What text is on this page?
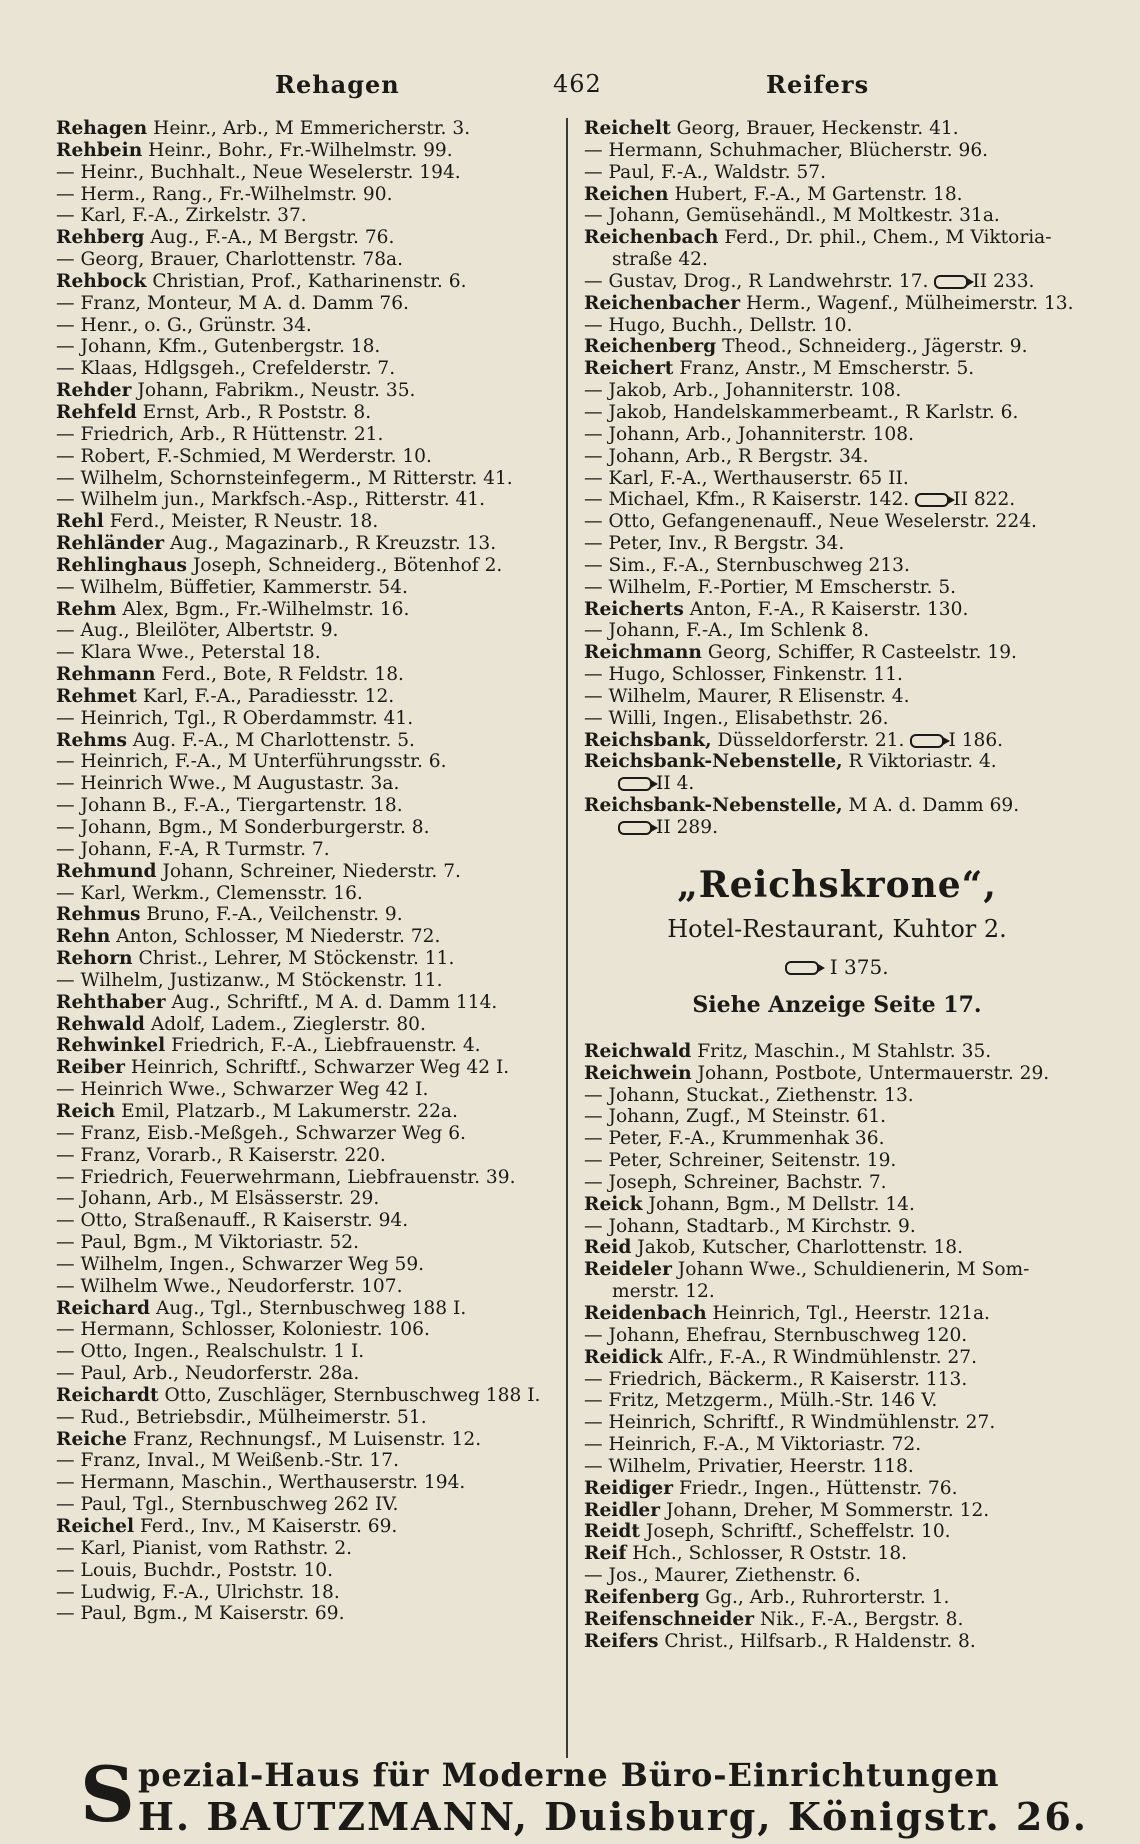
Rehagen	462	Reifers
Rehagen Heinr., Arb., M Emmericherstr. 3.
Rehbein Heinr., Bohr., Fr.-Wilhelmstr. 99.
— Heinr., Buchhalt., Neue Weselerstr. 194.
— Herm., Rang., Fr.-Wilhelmstr. 90.
— Karl, F.-A., Zirkelstr. 37.
Rehberg Aug., F.-A., M Bergstr. 76.
— Georg, Brauer, Charlottenstr. 78a.
Rehbock Christian, Prof., Katharinenstr. 6.
— Franz, Monteur, M A. d. Damm 76.
— Henr., o. G., Grünstr. 34.
— Johann, Kfm., Gutenbergstr. 18.
— Klaas, Hdlgsgeh., Crefelderstr. 7.
Rehder Johann, Fabrikm., Neustr. 35.
Rehfeld Ernst, Arb., R Poststr. 8.
— Friedrich, Arb., R Hüttenstr. 21.
— Robert, F.-Schmied, M Werderstr. 10.
— Wilhelm, Schornsteinfegerm., M Ritterstr. 41.
— Wilhelm jun., Markfsch.-Asp., Ritterstr. 41.
Rehl Ferd., Meister, R Neustr. 18.
Rehländer Aug., Magazinarb., R Kreuzstr. 13.
Rehlinghaus Joseph, Schneiderg., Bötenhof 2.
— Wilhelm, Büffetier, Kammerstr. 54.
Rehm Alex, Bgm., Fr.-Wilhelmstr. 16.
— Aug., Bleilöter, Albertstr. 9.
— Klara Wwe., Peterstal 18.
Rehmann Ferd., Bote, R Feldstr. 18.
Rehmet Karl, F.-A., Paradiesstr. 12.
— Heinrich, Tgl., R Oberdammstr. 41.
Rehms Aug. F.-A., M Charlottenstr. 5.
— Heinrich, F.-A., M Unterführungsstr. 6.
— Heinrich Wwe., M Augustastr. 3a.
— Johann B., F.-A., Tiergartenstr. 18.
— Johann, Bgm., M Sonderburgerstr. 8.
— Johann, F.-A, R Turmstr. 7.
Rehmund Johann, Schreiner, Niederstr. 7.
— Karl, Werkm., Clemensstr. 16.
Rehmus Bruno, F.-A., Veilchenstr. 9.
Rehn Anton, Schlosser, M Niederstr. 72.
Rehorn Christ., Lehrer, M Stöckenstr. 11.
— Wilhelm, Justizanw., M Stöckenstr. 11.
Rehthaber Aug., Schriftf., M A. d. Damm 114.
Rehwald Adolf, Ladem., Zieglerstr. 80.
Rehwinkel Friedrich, F.-A., Liebfrauenstr. 4.
Reiber Heinrich, Schriftf., Schwarzer Weg 42 I.
— Heinrich Wwe., Schwarzer Weg 42 I.
Reich Emil, Platzarb., M Lakumerstr. 22a.
— Franz, Eisb.-Meßgeh., Schwarzer Weg 6.
— Franz, Vorarb., R Kaiserstr. 220.
— Friedrich, Feuerwehrmann, Liebfrauenstr. 39.
— Johann, Arb., M Elsässerstr. 29.
— Otto, Straßenauff., R Kaiserstr. 94.
— Paul, Bgm., M Viktoriastr. 52.
— Wilhelm, Ingen., Schwarzer Weg 59.
— Wilhelm Wwe., Neudorferstr. 107.
Reichard Aug., Tgl., Sternbuschweg 188 I.
— Hermann, Schlosser, Koloniestr. 106.
— Otto, Ingen., Realschulstr. 1 I.
— Paul, Arb., Neudorferstr. 28a.
Reichardt Otto, Zuschläger, Sternbuschweg 188 I.
— Rud., Betriebsdir., Mülheimerstr. 51.
Reiche Franz, Rechnungsf., M Luisenstr. 12.
— Franz, Inval., M Weißenb.-Str. 17.
— Hermann, Maschin., Werthauserstr. 194.
— Paul, Tgl., Sternbuschweg 262 IV.
Reichel Ferd., Inv., M Kaiserstr. 69.
— Karl, Pianist, vom Rathstr. 2.
— Louis, Buchdr., Poststr. 10.
— Ludwig, F.-A., Ulrichstr. 18.
— Paul, Bgm., M Kaiserstr. 69.
Reichelt Georg, Brauer, Heckenstr. 41.
— Hermann, Schuhmacher, Blücherstr. 96.
— Paul, F.-A., Waldstr. 57.
Reichen Hubert, F.-A., M Gartenstr. 18.
— Johann, Gemüsehändl., M Moltkestr. 31a.
Reichenbach Ferd., Dr. phil., Chem., M Viktoria-
straße 42.
— Gustav, Drog., R Landwehrstr. 17. II 233.
Reichenbacher Herm., Wagenf., Mülheimerstr. 13.
— Hugo, Buchh., Dellstr. 10.
Reichenberg Theod., Schneiderg., Jägerstr. 9.
Reichert Franz, Anstr., M Emscherstr. 5.
— Jakob, Arb., Johanniterstr. 108.
— Jakob, Handelskammerbeamt., R Karlstr. 6.
— Johann, Arb., Johanniterstr. 108.
— Johann, Arb., R Bergstr. 34.
— Karl, F.-A., Werthauserstr. 65 II.
— Michael, Kfm., R Kaiserstr. 142. II 822.
— Otto, Gefangenenauff., Neue Weselerstr. 224.
— Peter, Inv., R Bergstr. 34.
— Sim., F.-A., Sternbuschweg 213.
— Wilhelm, F.-Portier, M Emscherstr. 5.
Reicherts Anton, F.-A., R Kaiserstr. 130.
— Johann, F.-A., Im Schlenk 8.
Reichmann Georg, Schiffer, R Casteelstr. 19.
— Hugo, Schlosser, Finkenstr. 11.
— Wilhelm, Maurer, R Elisenstr. 4.
— Willi, Ingen., Elisabethstr. 26.
Reichsbank, Düsseldorferstr. 21. I 186.
Reichsbank-Nebenstelle, R Viktoriastr. 4.
II 4.
Reichsbank-Nebenstelle, M A. d. Damm 69.
II 289.
„Reichskrone“,
Hotel-Restaurant, Kuhtor 2.
I 375.
Siehe Anzeige Seite 17.
Reichwald Fritz, Maschin., M Stahlstr. 35.
Reichwein Johann, Postbote, Untermauerstr. 29.
— Johann, Stuckat., Ziethenstr. 13.
— Johann, Zugf., M Steinstr. 61.
— Peter, F.-A., Krummenhak 36.
— Peter, Schreiner, Seitenstr. 19.
— Joseph, Schreiner, Bachstr. 7.
Reick Johann, Bgm., M Dellstr. 14.
— Johann, Stadtarb., M Kirchstr. 9.
Reid Jakob, Kutscher, Charlottenstr. 18.
Reideler Johann Wwe., Schuldienerin, M Som-
merstr. 12.
Reidenbach Heinrich, Tgl., Heerstr. 121a.
— Johann, Ehefrau, Sternbuschweg 120.
Reidick Alfr., F.-A., R Windmühlenstr. 27.
— Friedrich, Bäckerm., R Kaiserstr. 113.
— Fritz, Metzgerm., Mülh.-Str. 146 V.
— Heinrich, Schriftf., R Windmühlenstr. 27.
— Heinrich, F.-A., M Viktoriastr. 72.
— Wilhelm, Privatier, Heerstr. 118.
Reidiger Friedr., Ingen., Hüttenstr. 76.
Reidler Johann, Dreher, M Sommerstr. 12.
Reidt Joseph, Schriftf., Scheffelstr. 10.
Reif Hch., Schlosser, R Oststr. 18.
— Jos., Maurer, Ziethenstr. 6.
Reifenberg Gg., Arb., Ruhrorterstr. 1.
Reifenschneider Nik., F.-A., Bergstr. 8.
Reifers Christ., Hilfsarb., R Haldenstr. 8.
S pezial-Haus für Moderne Büro-Einrichtungen
H. BAUTZMANN, Duisburg, Königstr. 26.
